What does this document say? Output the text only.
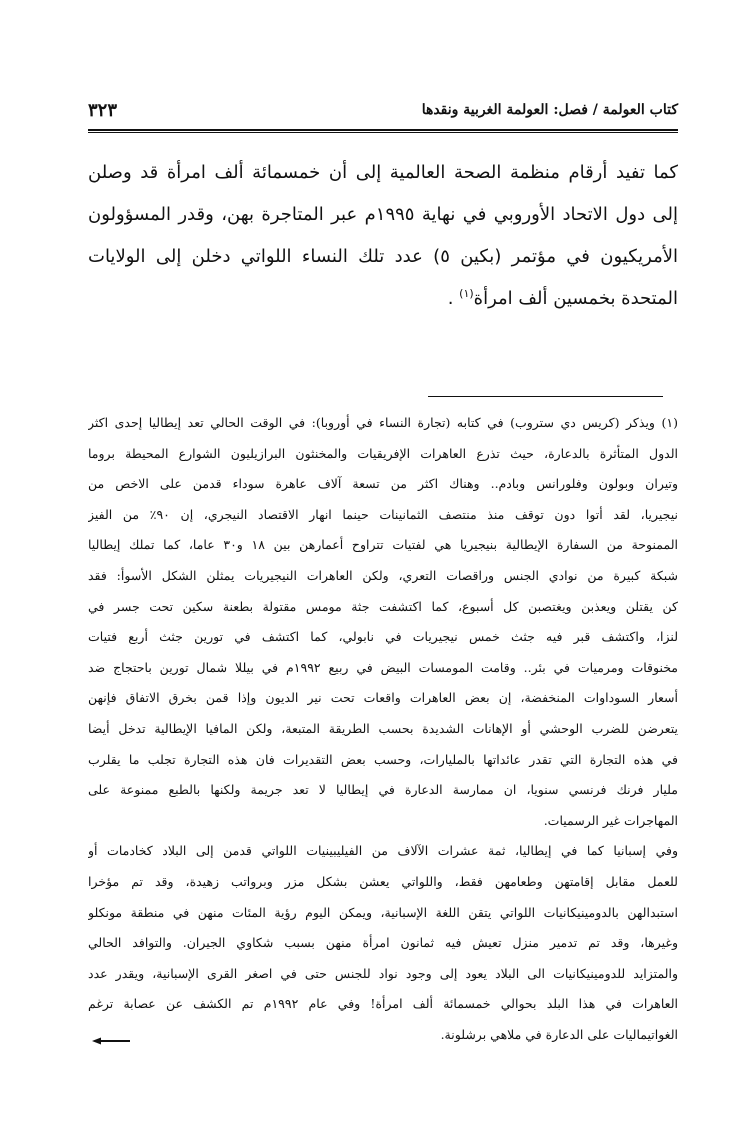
كتاب العولمة / فصل: العولمة الغربية ونقدها
٣٢٣
كما تفيد أرقام منظمة الصحة العالمية إلى أن خمسمائة ألف امرأة قد وصلن
إلى دول الاتحاد الأوروبي في نهاية ١٩٩٥م عبر المتاجرة بهن، وقدر المسؤولون
الأمريكيون في مؤتمر (بكين ٥) عدد تلك النساء اللواتي دخلن إلى الولايات
المتحدة بخمسين ألف امرأة$^{(١)}$ .
(١) ويذكر (كريس دي ستروب) في كتابه (تجارة النساء في أوروبا): في الوقت الحالي تعد إيطاليا إحدى اكثر
الدول المتأثرة بالدعارة، حيث تذرع العاهرات الإفريقيات والمخنثون البرازيليون الشوارع المحيطة بروما
وتيران وبولون وفلورانس وبادم.. وهناك اكثر من تسعة آلاف عاهرة سوداء قدمن على الاخص من
نيجيريا، لقد أتوا دون توقف منذ منتصف الثمانينات حينما انهار الاقتصاد النيجري، إن ٩٠٪ من الفيز
الممنوحة من السفارة الإيطالية بنيجيريا هي لفتيات تتراوح أعمارهن بين ١٨ و٣٠ عاما، كما تملك إيطاليا
شبكة كبيرة من نوادي الجنس وراقصات التعري، ولكن العاهرات النيجيريات يمثلن الشكل الأسوأ: فقد
كن يقتلن ويعذبن ويغتصبن كل أسبوع، كما اكتشفت جثة مومس مقتولة بطعنة سكين تحت جسر في
لنزا، واكتشف قبر فيه جثث خمس نيجيريات في نابولي، كما اكتشف في تورين جثث أربع فتيات
مخنوقات ومرميات في بئر.. وقامت المومسات البيض في ربيع ١٩٩٢م في بيللا شمال تورين باحتجاج ضد
أسعار السوداوات المنخفضة، إن بعض العاهرات واقعات تحت نير الديون وإذا قمن بخرق الاتفاق فإنهن
يتعرضن للضرب الوحشي أو الإهانات الشديدة بحسب الطريقة المتبعة، ولكن المافيا الإيطالية تدخل أيضا
في هذه التجارة التي تقدر عائداتها بالمليارات، وحسب بعض التقديرات فان هذه التجارة تجلب ما يقلرب
مليار فرنك فرنسي سنويا، ان ممارسة الدعارة في إيطاليا لا تعد جريمة ولكنها بالطبع ممنوعة على
المهاجرات غير الرسميات.
وفي إسبانيا كما في إيطاليا، ثمة عشرات الآلاف من الفيليبينيات اللواتي قدمن إلى البلاد كخادمات أو
للعمل مقابل إقامتهن وطعامهن فقط، واللواتي يعشن بشكل مزر وبرواتب زهيدة، وقد تم مؤخرا
استبدالهن بالدومينيكانيات اللواتي يتقن اللغة الإسبانية، ويمكن اليوم رؤية المئات منهن في منطقة مونكلو
وغيرها، وقد تم تدمير منزل تعيش فيه ثمانون امرأة منهن بسبب شكاوي الجيران. والتوافد الحالي
والمتزايد للدومينيكانيات الى البلاد يعود إلى وجود نواد للجنس حتى في اصغر القرى الإسبانية، ويقدر عدد
العاهرات في هذا البلد بحوالي خمسمائة ألف امرأة! وفي عام ١٩٩٢م تم الكشف عن عصابة ترغم
الغواتيماليات على الدعارة في ملاهي برشلونة.
